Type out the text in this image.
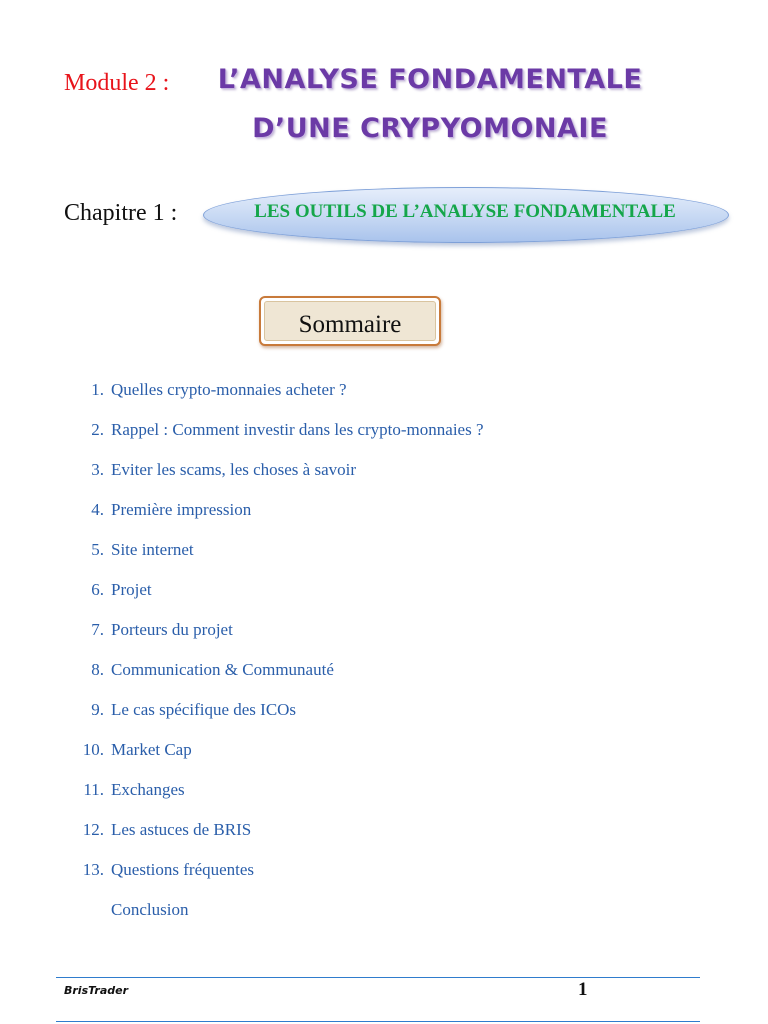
Module 2 :	L’ANALYSE FONDAMENTALE
D’UNE CRYPYOMONAIE
Chapitre 1 :	LES OUTILS DE L’ANALYSE FONDAMENTALE
Sommaire
1. Quelles crypto-monnaies acheter ?
2. Rappel : Comment investir dans les crypto-monnaies ?
3. Eviter les scams, les choses à savoir
4. Première impression
5. Site internet
6. Projet
7. Porteurs du projet
8. Communication & Communauté
9. Le cas spécifique des ICOs
10. Market Cap
11. Exchanges
12. Les astuces de BRIS
13. Questions fréquentes
Conclusion
BrisTrader	1
